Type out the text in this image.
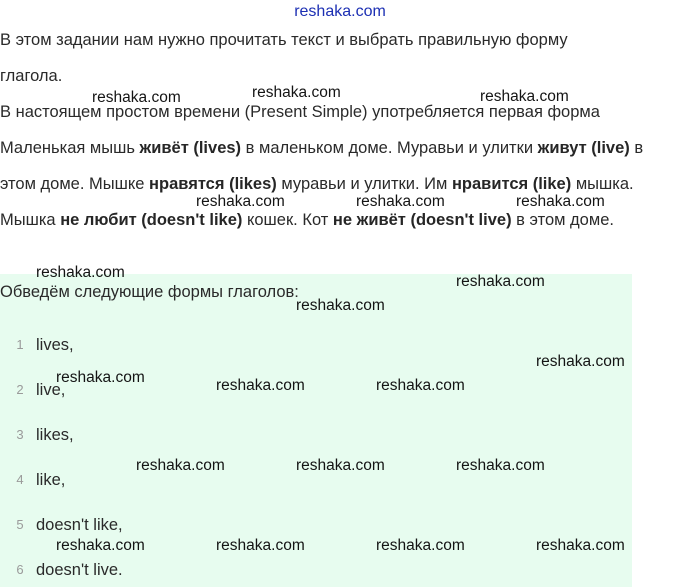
reshaka.com

В этом задании нам нужно прочитать текст и выбрать правильную форму
глагола.

В настоящем простом времени (Present Simple) употребляется первая форма

Маленькая мышь живёт (lives) в маленьком доме. Муравьи и улитки живут (live) в этом доме. Мышке нравятся (likes) муравьи и улитки. Им нравится (like) мышка. Мышка не любит (doesn't like) кошек. Кот не живёт (doesn't live) в этом доме.

Обведём следующие формы глаголов:
1 lives,
2 live,
3 likes,
4 like,
5 doesn't like,
6 doesn't live.
reshaka.com	reshaka.com	reshaka.com
reshaka.com	reshaka.com	reshaka.com
reshaka.com
reshaka.com
reshaka.com
reshaka.com
reshaka.com	reshaka.com	reshaka.com
reshaka.com	reshaka.com	reshaka.com
reshaka.com	reshaka.com	reshaka.com	reshaka.com
